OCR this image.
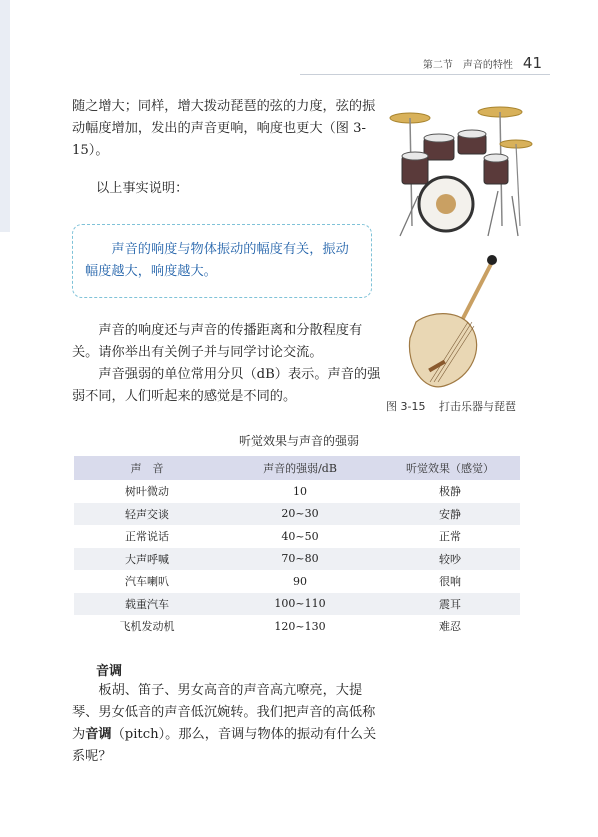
第二节　声音的特性 41

随之增大；同样，增大拨动琵琶的弦的力度，弦的振动幅度增加，发出的声音更响，响度也更大（图 3-15）。

以上事实说明：

声音的响度与物体振动的幅度有关，振动幅度越大，响度越大。

声音的响度还与声音的传播距离和分散程度有关。请你举出有关例子并与同学讨论交流。

声音强弱的单位常用分贝（dB）表示。声音的强弱不同，人们听起来的感觉是不同的。

图 3-15 打击乐器与琵琶
听觉效果与声音的强弱
声　音	声音的强弱/dB	听觉效果（感觉）
树叶微动	10	极静
轻声交谈	20~30	安静
正常说话	40~50	正常
大声呼喊	70~80	较吵
汽车喇叭	90	很响
载重汽车	100~110	震耳
飞机发动机	120~130	难忍
音调

板胡、笛子、男女高音的声音高亢嘹亮，大提琴、男女低音的声音低沉婉转。我们把声音的高低称为音调（pitch）。那么，音调与物体的振动有什么关系呢？
